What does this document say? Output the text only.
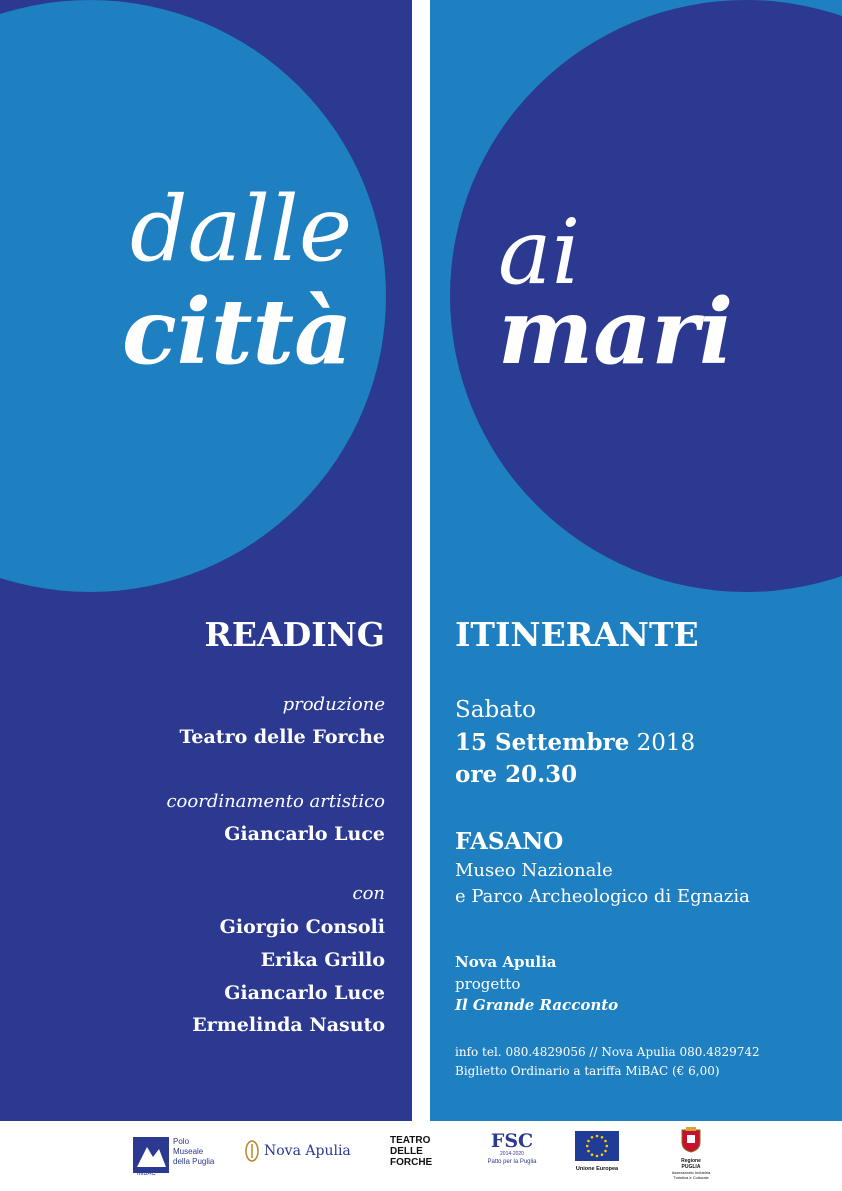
dalle
città
READING
produzione
Teatro delle Forche
coordinamento artistico
Giancarlo Luce
con
Giorgio Consoli
Erika Grillo
Giancarlo Luce
Ermelinda Nasuto
ai
mari
ITINERANTE
Sabato
15 Settembre 2018
ore 20.30
FASANO
Museo Nazionale
e Parco Archeologico di Egnazia
Nova Apulia
progetto
Il Grande Racconto
info tel. 080.4829056 // Nova Apulia 080.4829742
Biglietto Ordinario a tariffa MiBAC (€ 6,00)
MiBAC
Polo
Museale
della Puglia
Nova Apulia
TEATRO
DELLE
FORCHE
FSC
2014-2020
Patto per la Puglia
Unione Europea
Regione
PUGLIA
Assessorato Industria
Turistica e Culturale
